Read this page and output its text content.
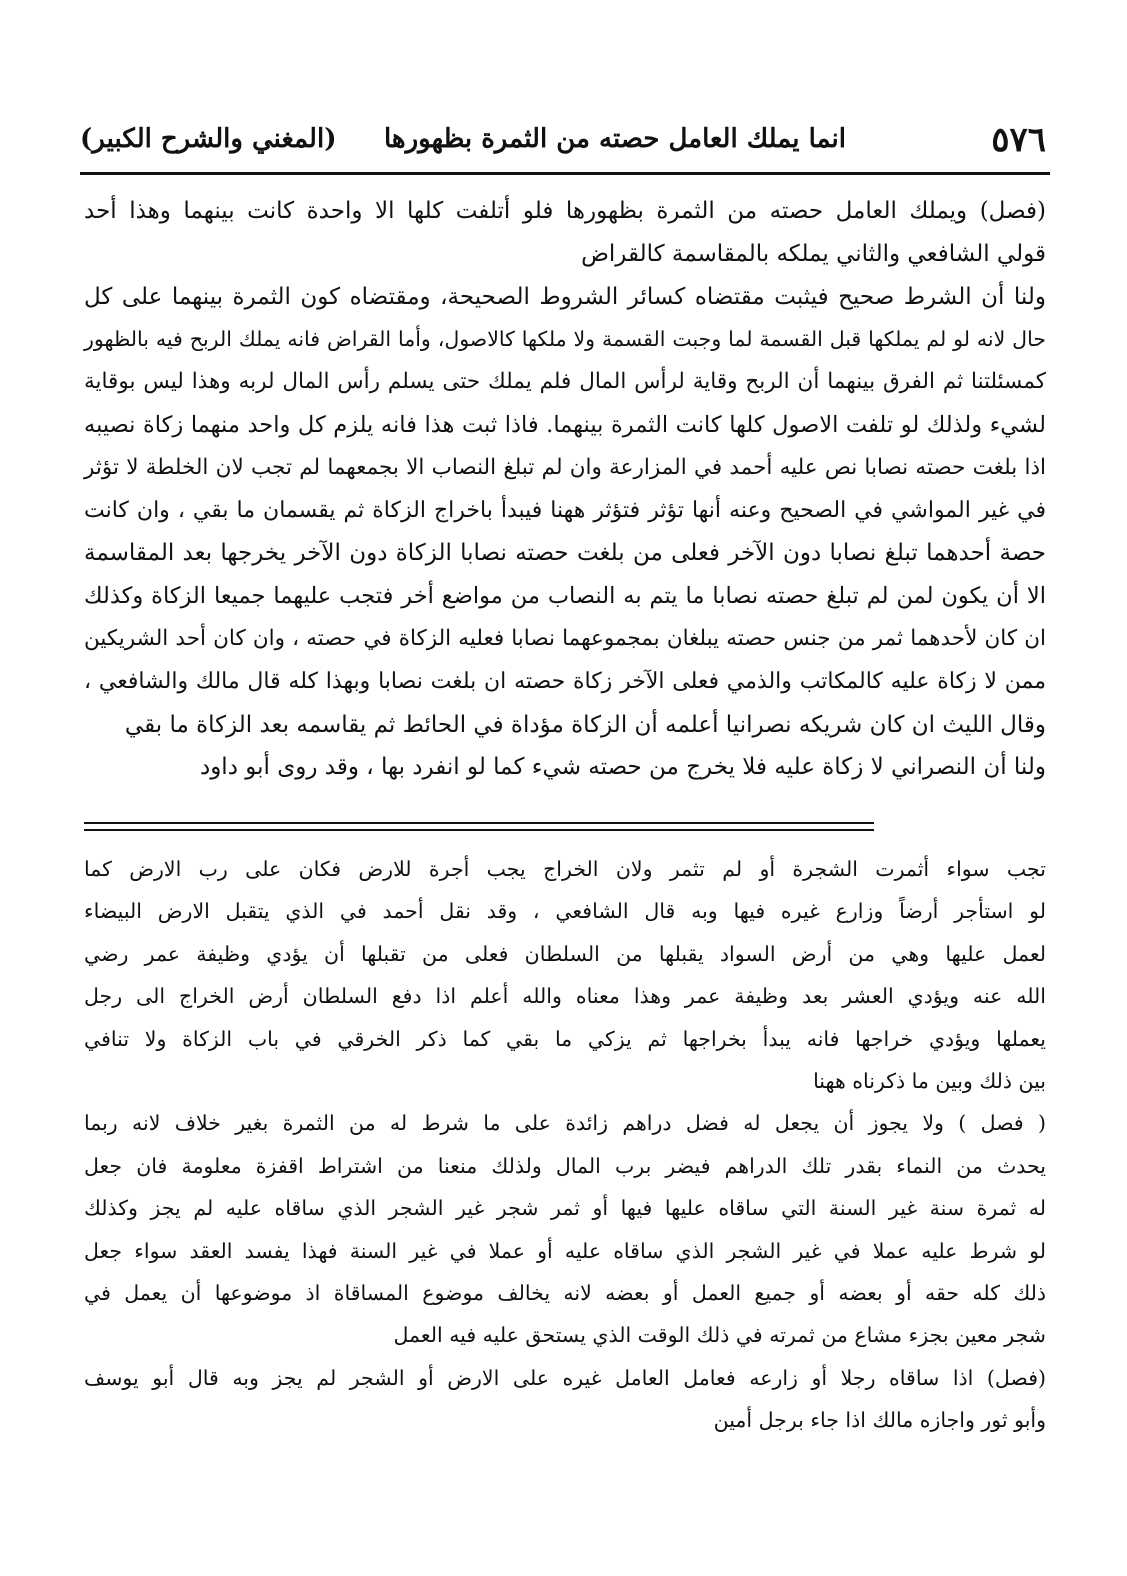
٥٧٦
انما يملك العامل حصته من الثمرة بظهورها
(المغني والشرح الكبير)
(فصل) ويملك العامل حصته من الثمرة بظهورها فلو أتلفت كلها الا واحدة كانت بينهما وهذا أحد
قولي الشافعي والثاني يملكه بالمقاسمة كالقراض
ولنا أن الشرط صحيح فيثبت مقتضاه كسائر الشروط الصحيحة، ومقتضاه كون الثمرة بينهما على كل
حال لانه لو لم يملكها قبل القسمة لما وجبت القسمة ولا ملكها كالاصول، وأما القراض فانه يملك الربح فيه بالظهور
كمسئلتنا ثم الفرق بينهما أن الربح وقاية لرأس المال فلم يملك حتى يسلم رأس المال لربه وهذا ليس بوقاية
لشيء ولذلك لو تلفت الاصول كلها كانت الثمرة بينهما. فاذا ثبت هذا فانه يلزم كل واحد منهما زكاة نصيبه
اذا بلغت حصته نصابا نص عليه أحمد في المزارعة وان لم تبلغ النصاب الا بجمعهما لم تجب لان الخلطة لا تؤثر
في غير المواشي في الصحيح وعنه أنها تؤثر فتؤثر ههنا فيبدأ باخراج الزكاة ثم يقسمان ما بقي ، وان كانت
حصة أحدهما تبلغ نصابا دون الآخر فعلى من بلغت حصته نصابا الزكاة دون الآخر يخرجها بعد المقاسمة
الا أن يكون لمن لم تبلغ حصته نصابا ما يتم به النصاب من مواضع أخر فتجب عليهما جميعا الزكاة وكذلك
ان كان لأحدهما ثمر من جنس حصته يبلغان بمجموعهما نصابا فعليه الزكاة في حصته ، وان كان أحد الشريكين
ممن لا زكاة عليه كالمكاتب والذمي فعلى الآخر زكاة حصته ان بلغت نصابا وبهذا كله قال مالك والشافعي ،
وقال الليث ان كان شريكه نصرانيا أعلمه أن الزكاة مؤداة في الحائط ثم يقاسمه بعد الزكاة ما بقي
ولنا أن النصراني لا زكاة عليه فلا يخرج من حصته شيء كما لو انفرد بها ، وقد روى أبو داود
تجب سواء أثمرت الشجرة أو لم تثمر ولان الخراج يجب أجرة للارض فكان على رب الارض كما
لو استأجر أرضاً وزارع غيره فيها وبه قال الشافعي ، وقد نقل أحمد في الذي يتقبل الارض البيضاء
لعمل عليها وهي من أرض السواد يقبلها من السلطان فعلى من تقبلها أن يؤدي وظيفة عمر رضي
الله عنه ويؤدي العشر بعد وظيفة عمر وهذا معناه والله أعلم اذا دفع السلطان أرض الخراج الى رجل
يعملها ويؤدي خراجها فانه يبدأ بخراجها ثم يزكي ما بقي كما ذكر الخرقي في باب الزكاة ولا تنافي
بين ذلك وبين ما ذكرناه ههنا
( فصل ) ولا يجوز أن يجعل له فضل دراهم زائدة على ما شرط له من الثمرة بغير خلاف لانه ربما
يحدث من النماء بقدر تلك الدراهم فيضر برب المال ولذلك منعنا من اشتراط اقفزة معلومة فان جعل
له ثمرة سنة غير السنة التي ساقاه عليها فيها أو ثمر شجر غير الشجر الذي ساقاه عليه لم يجز وكذلك
لو شرط عليه عملا في غير الشجر الذي ساقاه عليه أو عملا في غير السنة فهذا يفسد العقد سواء جعل
ذلك كله حقه أو بعضه أو جميع العمل أو بعضه لانه يخالف موضوع المساقاة اذ موضوعها أن يعمل في
شجر معين بجزء مشاع من ثمرته في ذلك الوقت الذي يستحق عليه فيه العمل
(فصل) اذا ساقاه رجلا أو زارعه فعامل العامل غيره على الارض أو الشجر لم يجز وبه قال أبو يوسف
وأبو ثور واجازه مالك اذا جاء برجل أمين
